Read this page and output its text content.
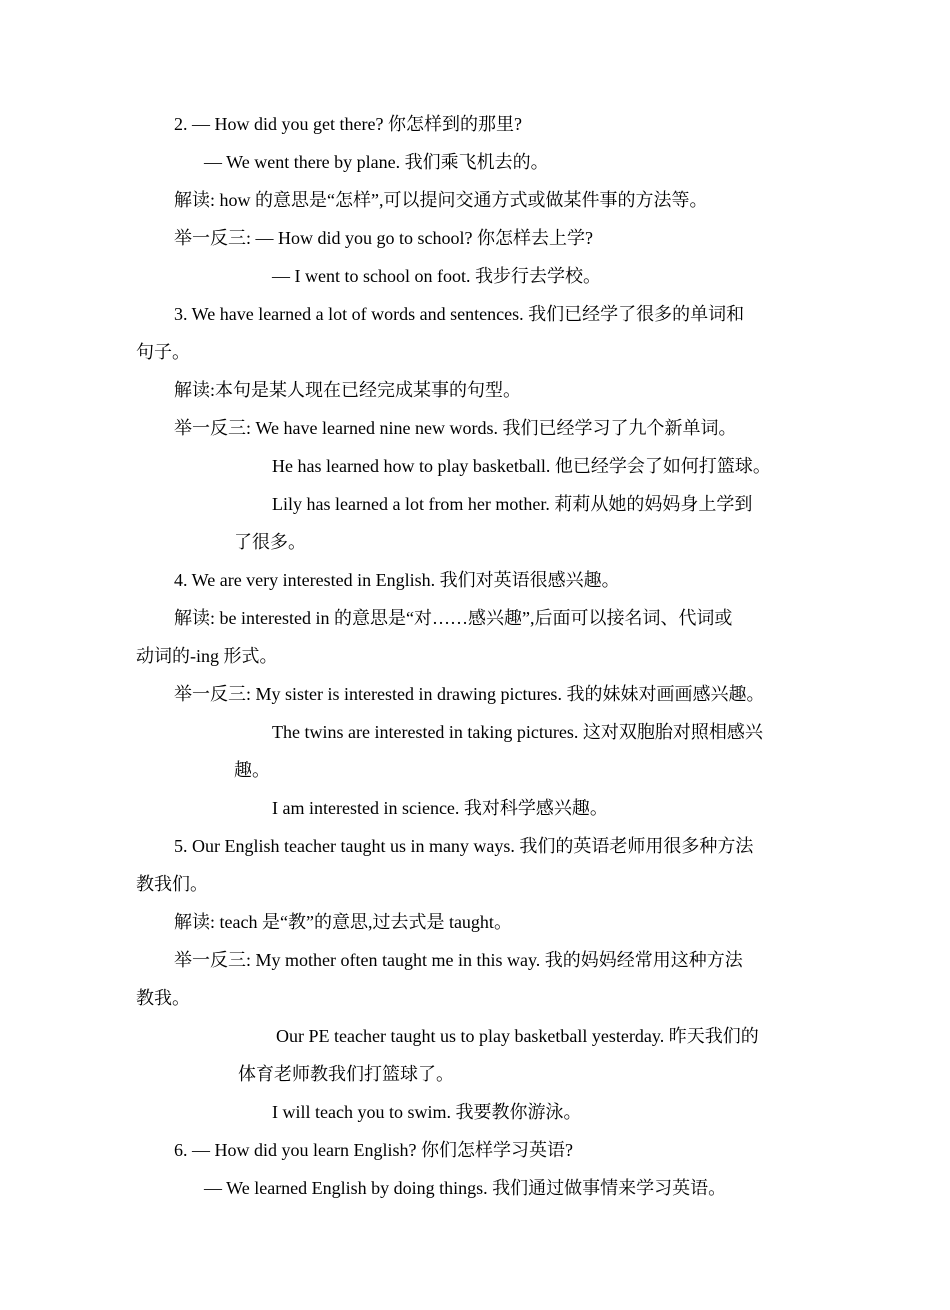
2. — How did you get there? 你怎样到的那里?
— We went there by plane. 我们乘飞机去的。
解读: how 的意思是“怎样”,可以提问交通方式或做某件事的方法等。
举一反三: — How did you go to school? 你怎样去上学?
— I went to school on foot. 我步行去学校。
3. We have learned a lot of words and sentences. 我们已经学了很多的单词和
句子。
解读:本句是某人现在已经完成某事的句型。
举一反三: We have learned nine new words. 我们已经学习了九个新单词。
He has learned how to play basketball. 他已经学会了如何打篮球。
Lily has learned a lot from her mother. 莉莉从她的妈妈身上学到
了很多。
4. We are very interested in English. 我们对英语很感兴趣。
解读: be interested in 的意思是“对……感兴趣”,后面可以接名词、代词或
动词的-ing 形式。
举一反三: My sister is interested in drawing pictures. 我的妹妹对画画感兴趣。
The twins are interested in taking pictures. 这对双胞胎对照相感兴
趣。
I am interested in science. 我对科学感兴趣。
5. Our English teacher taught us in many ways. 我们的英语老师用很多种方法
教我们。
解读: teach 是“教”的意思,过去式是 taught。
举一反三: My mother often taught me in this way. 我的妈妈经常用这种方法
教我。
Our PE teacher taught us to play basketball yesterday. 昨天我们的
体育老师教我们打篮球了。
I will teach you to swim. 我要教你游泳。
6. — How did you learn English? 你们怎样学习英语?
— We learned English by doing things. 我们通过做事情来学习英语。
